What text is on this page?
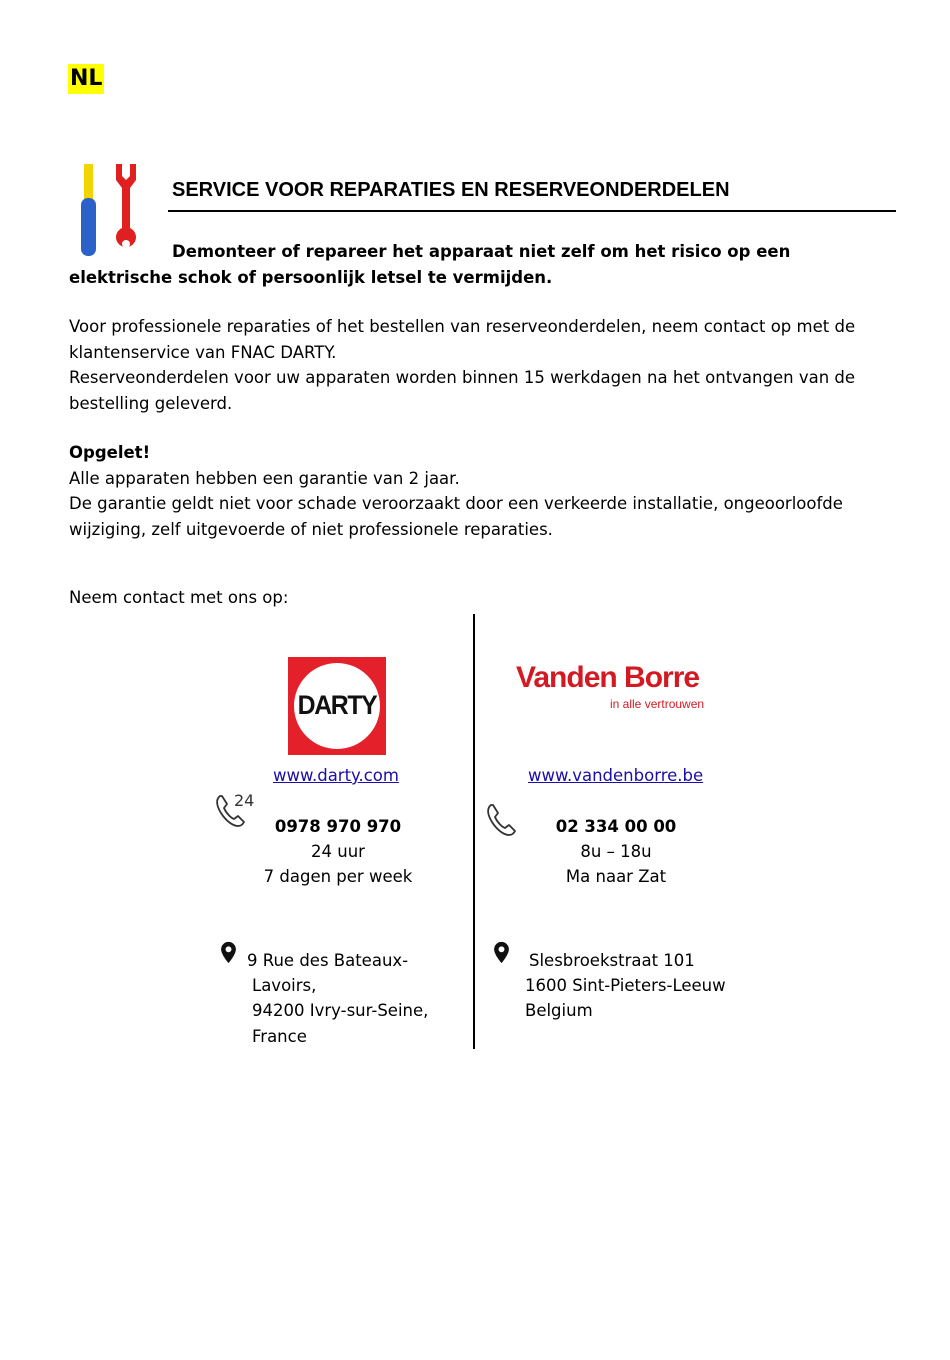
NL
SERVICE VOOR REPARATIES EN RESERVEONDERDELEN
Demonteer of repareer het apparaat niet zelf om het risico op een elektrische schok of persoonlijk letsel te vermijden.
Voor professionele reparaties of het bestellen van reserveonderdelen, neem contact op met de klantenservice van FNAC DARTY.
Reserveonderdelen voor uw apparaten worden binnen 15 werkdagen na het ontvangen van de bestelling geleverd.
Opgelet!
Alle apparaten hebben een garantie van 2 jaar.
De garantie geldt niet voor schade veroorzaakt door een verkeerde installatie, ongeoorloofde wijziging, zelf uitgevoerde of niet professionele reparaties.
Neem contact met ons op:
DARTY
www.darty.com
24
0978 970 970
24 uur
7 dagen per week
9 Rue des Bateaux-
Lavoirs,
94200 Ivry-sur-Seine,
France
Vanden Borre
in alle vertrouwen
www.vandenborre.be
02 334 00 00
8u – 18u
Ma naar Zat
Slesbroekstraat 101
1600 Sint-Pieters-Leeuw
Belgium
